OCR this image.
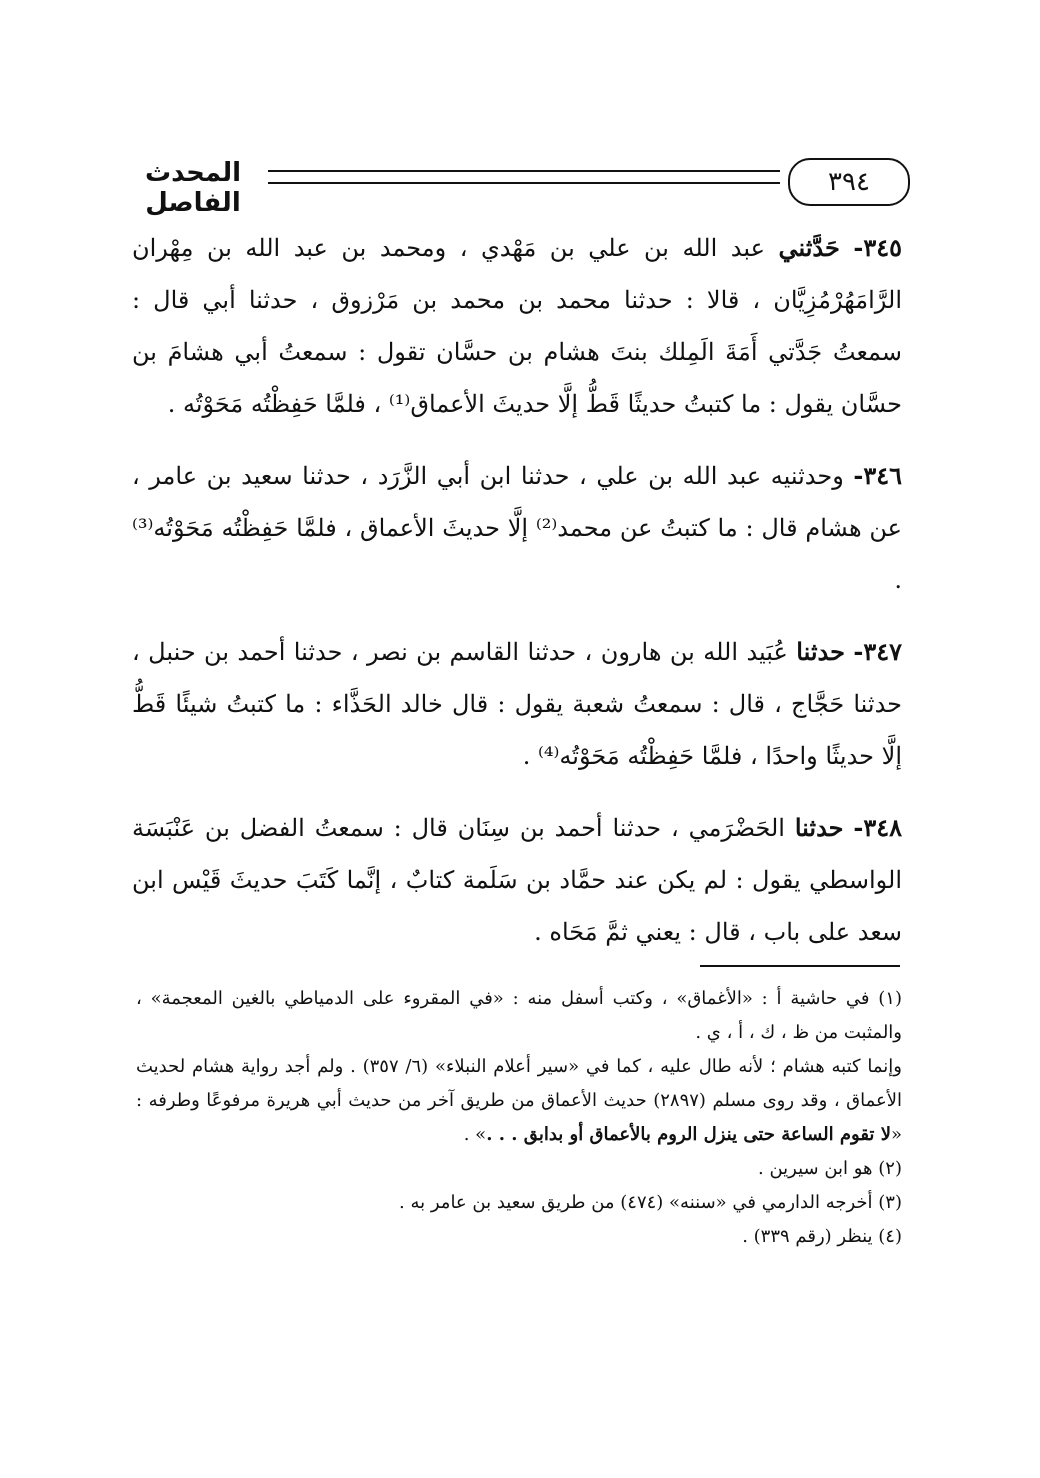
٣٩٤
المحدث الفاصل

٣٤٥- حَدَّثني عبد الله بن علي بن مَهْدي ، ومحمد بن عبد الله بن مِهْران الرَّامَهُرْمُزِيَّان ، قالا : حدثنا محمد بن محمد بن مَرْزوق ، حدثنا أبي قال : سمعتُ جَدَّتي أَمَةَ الَمِلك بنتَ هشام بن حسَّان تقول : سمعتُ أبي هشامَ بن حسَّان يقول : ما كتبتُ حديثًا قَطُّ إلَّا حديثَ الأعماق⁽¹⁾ ، فلمَّا حَفِظْتُه مَحَوْتُه .

٣٤٦- وحدثنيه عبد الله بن علي ، حدثنا ابن أبي الزَّرَد ، حدثنا سعيد بن عامر ، عن هشام قال : ما كتبتُ عن محمد⁽²⁾ إلَّا حديثَ الأعماق ، فلمَّا حَفِظْتُه مَحَوْتُه⁽³⁾ .

٣٤٧- حدثنا عُبَيد الله بن هارون ، حدثنا القاسم بن نصر ، حدثنا أحمد بن حنبل ، حدثنا حَجَّاج ، قال : سمعتُ شعبة يقول : قال خالد الحَذَّاء : ما كتبتُ شيئًا قَطُّ إلَّا حديثًا واحدًا ، فلمَّا حَفِظْتُه مَحَوْتُه⁽⁴⁾ .

٣٤٨- حدثنا الحَضْرَمي ، حدثنا أحمد بن سِنَان قال : سمعتُ الفضل بن عَنْبَسَة الواسطي يقول : لم يكن عند حمَّاد بن سَلَمة كتابٌ ، إنَّما كَتَبَ حديثَ قَيْس ابن سعد على باب ، قال : يعني ثمَّ مَحَاه .

(١) في حاشية أ : «الأغماق» ، وكتب أسفل منه : «في المقروء على الدمياطي بالغين المعجمة» ، والمثبت من ظ ، ك ، أ ، ي .

وإنما كتبه هشام ؛ لأنه طال عليه ، كما في «سير أعلام النبلاء» (٦/ ٣٥٧) . ولم أجد رواية هشام لحديث الأعماق ، وقد روى مسلم (٢٨٩٧) حديث الأعماق من طريق آخر من حديث أبي هريرة مرفوعًا وطرفه : «لا تقوم الساعة حتى ينزل الروم بالأعماق أو بدابق . . .» .

(٢) هو ابن سيرين .

(٣) أخرجه الدارمي في «سننه» (٤٧٤) من طريق سعيد بن عامر به .

(٤) ينظر (رقم ٣٣٩) .
